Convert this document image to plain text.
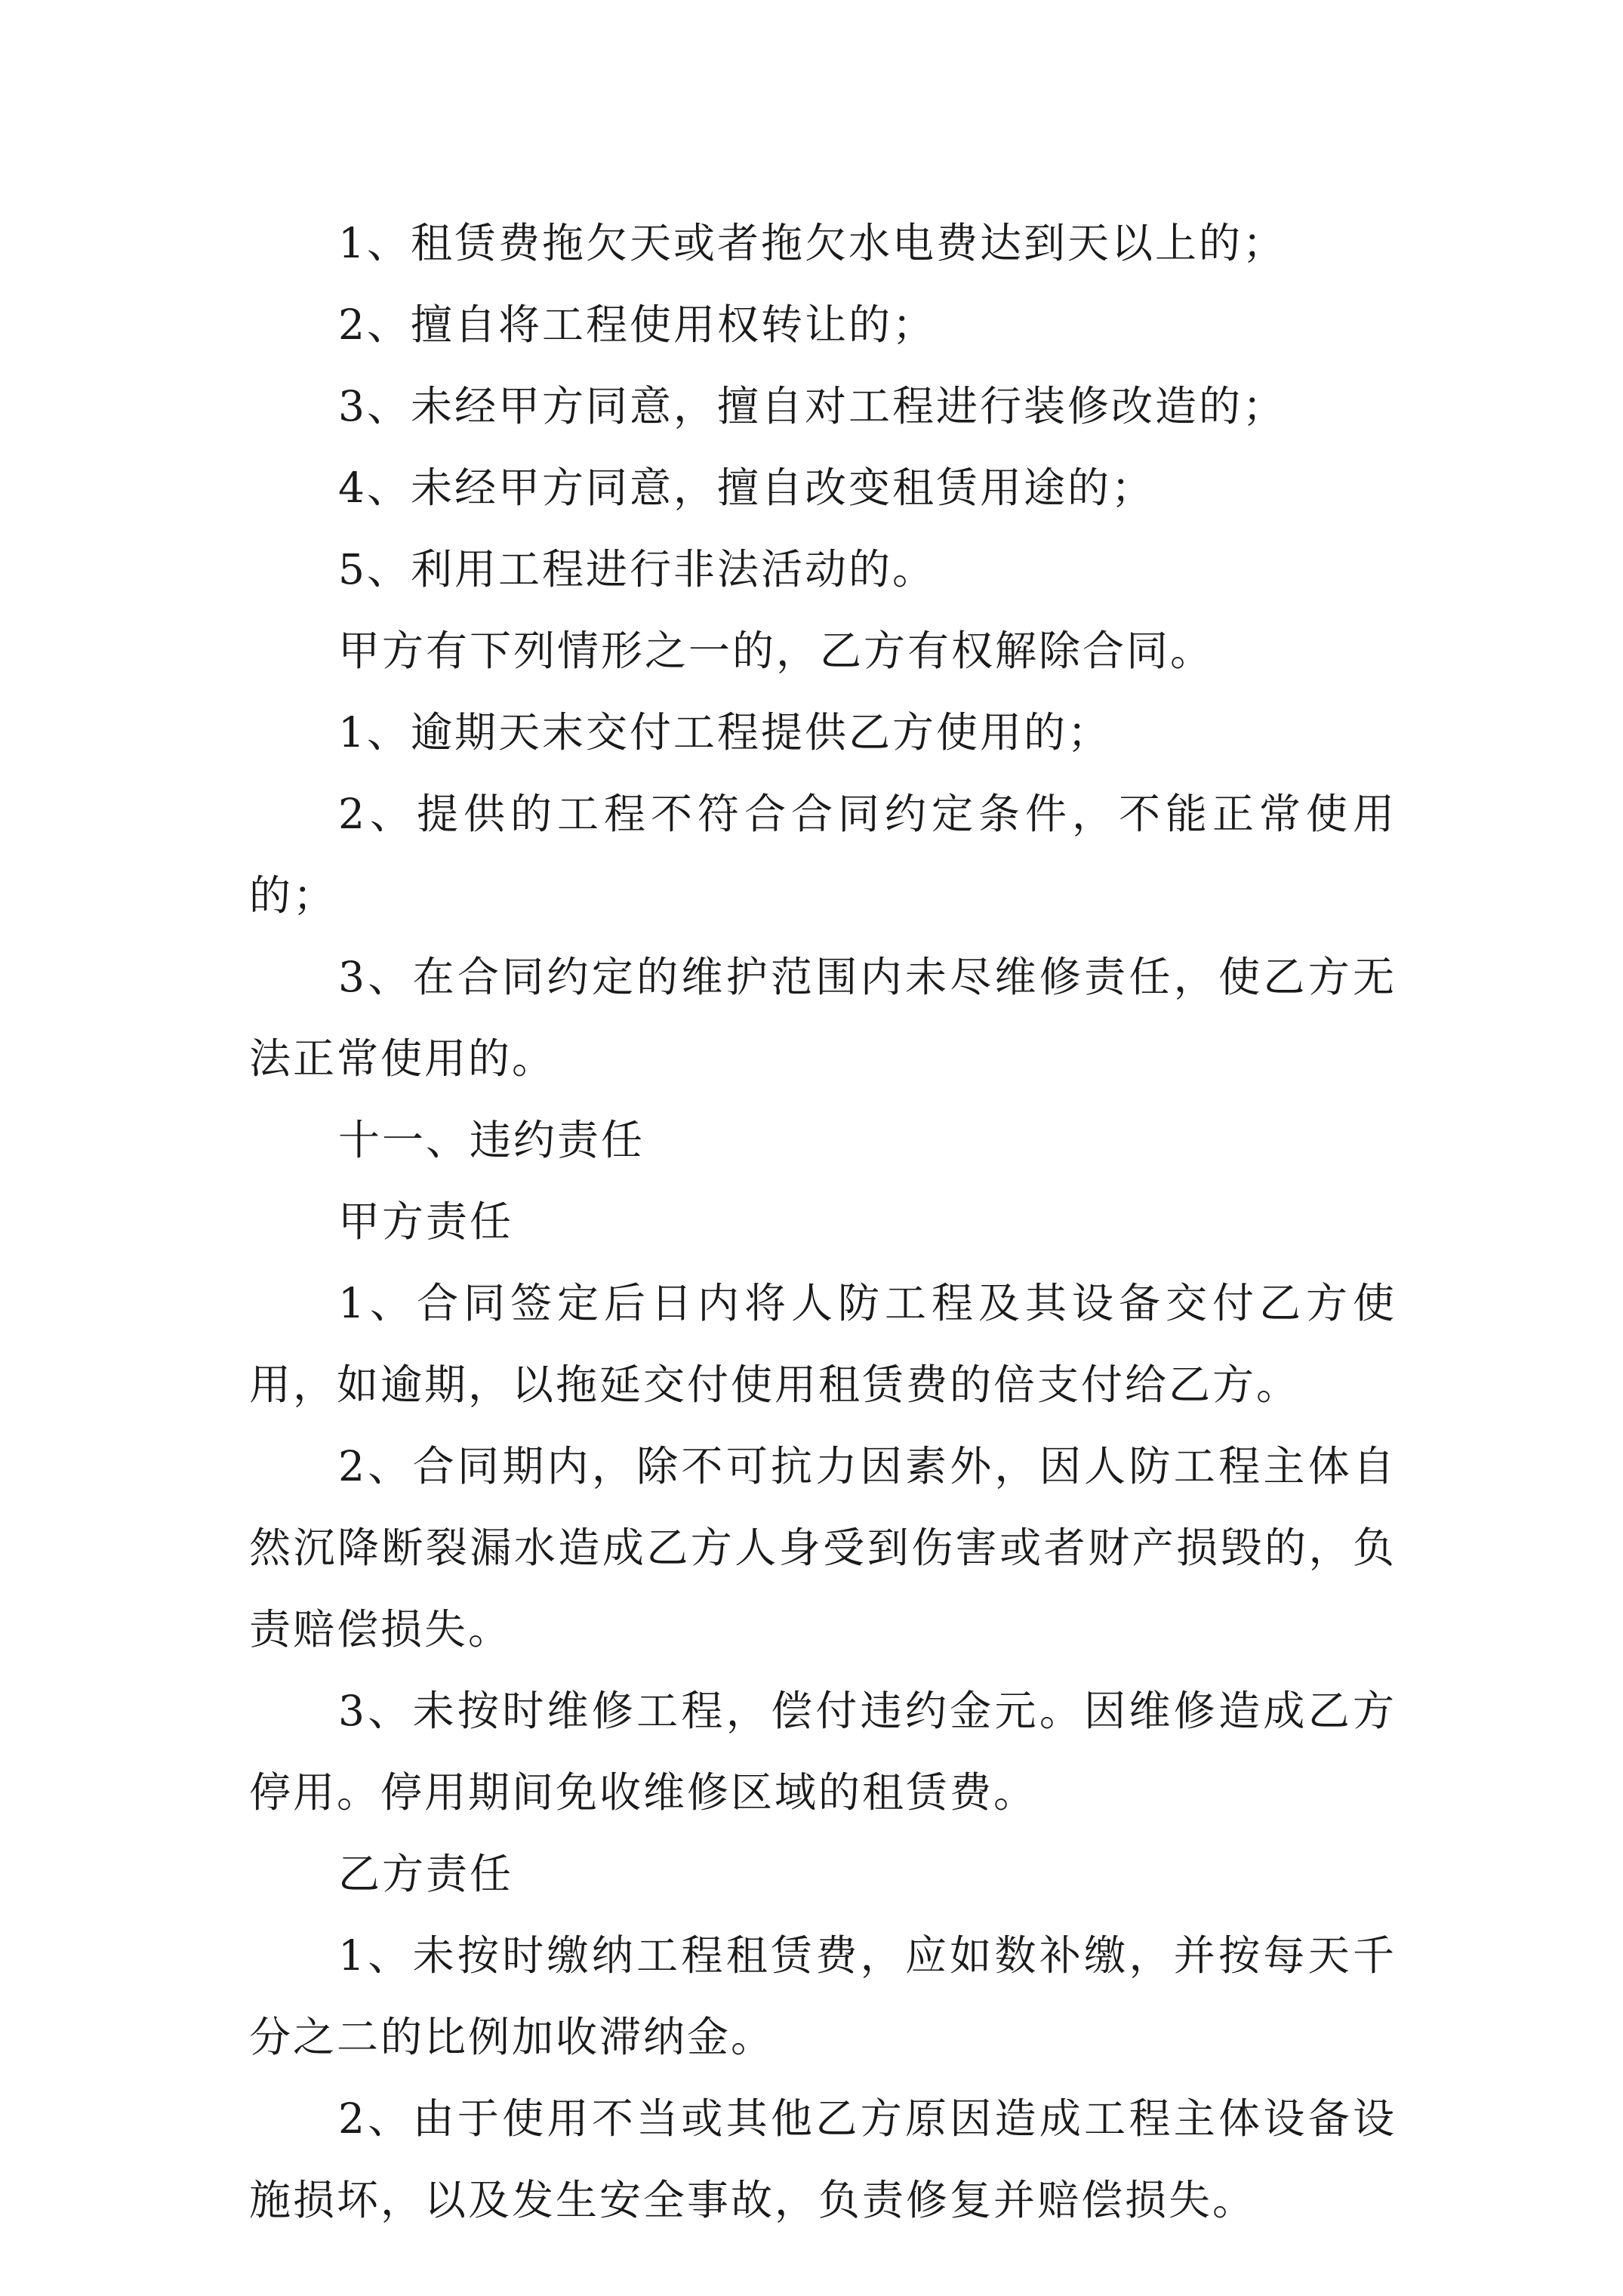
1、租赁费拖欠天或者拖欠水电费达到天以上的；

2、擅自将工程使用权转让的；

3、未经甲方同意，擅自对工程进行装修改造的；

4、未经甲方同意，擅自改变租赁用途的；

5、利用工程进行非法活动的。

甲方有下列情形之一的，乙方有权解除合同。

1、逾期天末交付工程提供乙方使用的；

2、提供的工程不符合合同约定条件，不能正常使用的；

3、在合同约定的维护范围内未尽维修责任，使乙方无法正常使用的。

十一、违约责任

甲方责任

1、合同签定后日内将人防工程及其设备交付乙方使用，如逾期，以拖延交付使用租赁费的倍支付给乙方。

2、合同期内，除不可抗力因素外，因人防工程主体自然沉降断裂漏水造成乙方人身受到伤害或者财产损毁的，负责赔偿损失。

3、未按时维修工程，偿付违约金元。因维修造成乙方停用。停用期间免收维修区域的租赁费。

乙方责任

1、未按时缴纳工程租赁费，应如数补缴，并按每天千分之二的比例加收滞纳金。

2、由于使用不当或其他乙方原因造成工程主体设备设施损坏，以及发生安全事故，负责修复并赔偿损失。
